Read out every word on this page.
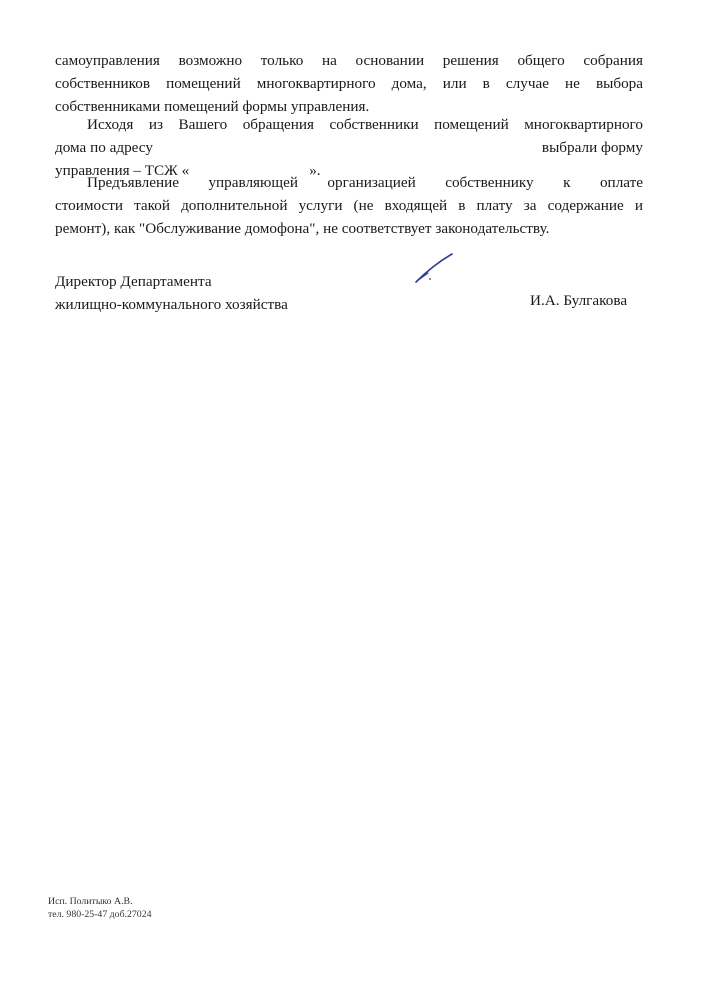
самоуправления возможно только на основании решения общего собрания
собственников помещений многоквартирного дома, или в случае не выбора
собственниками помещений формы управления.
Исходя из Вашего обращения собственники помещений многоквартирного
дома по адресу	выбрали форму
управления – ТСЖ «	».
Предъявление управляющей организацией собственнику к оплате
стоимости такой дополнительной услуги (не входящей в плату за содержание и
ремонт), как "Обслуживание домофона", не соответствует законодательству.
Директор Департамента
жилищно-коммунального хозяйства	И.А. Булгакова
Исп. Политыко А.В.
тел. 980-25-47 доб.27024
